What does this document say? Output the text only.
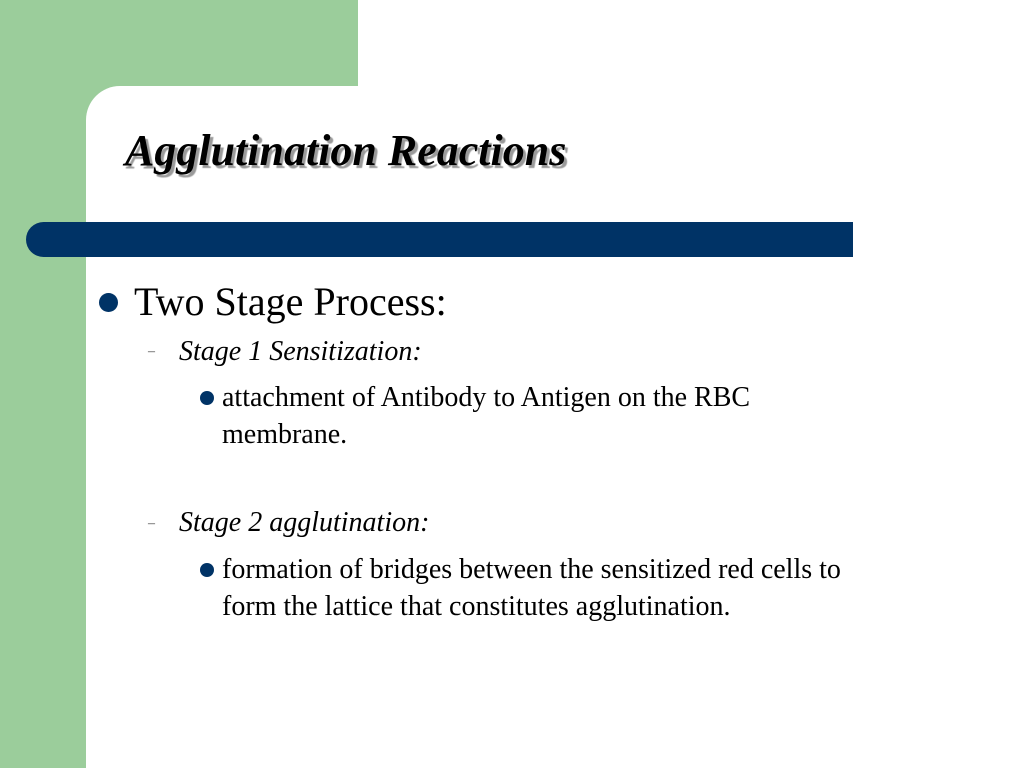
Agglutination Reactions

Two Stage Process:

– Stage 1 Sensitization:

attachment of Antibody to Antigen on the RBC membrane.

– Stage 2 agglutination:

formation of bridges between the sensitized red cells to form the lattice that constitutes agglutination.
